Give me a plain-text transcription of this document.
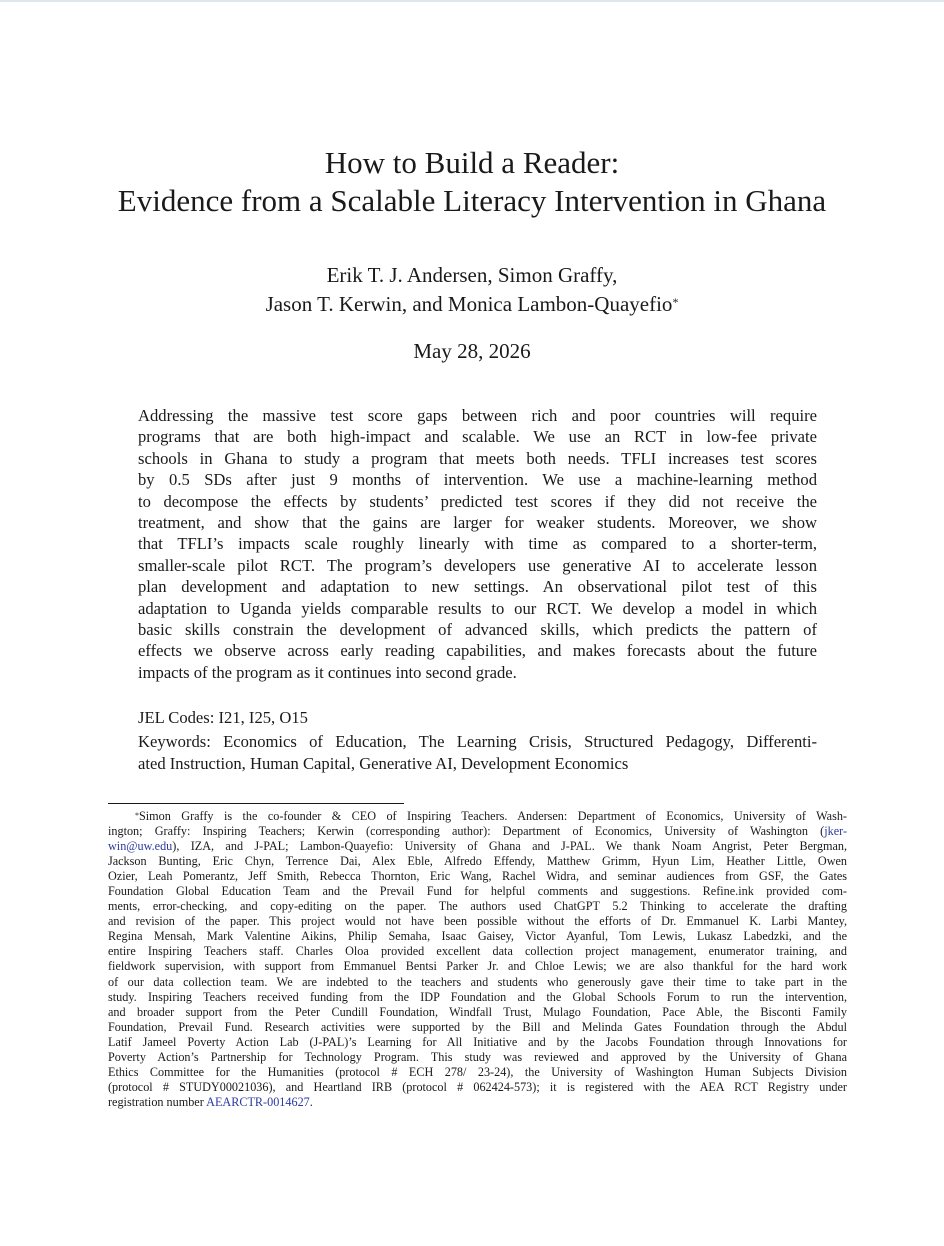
How to Build a Reader:
Evidence from a Scalable Literacy Intervention in Ghana
Erik T. J. Andersen, Simon Graffy,
Jason T. Kerwin, and Monica Lambon-Quayefio*
May 28, 2026
Addressing the massive test score gaps between rich and poor countries will require
programs that are both high-impact and scalable. We use an RCT in low-fee private
schools in Ghana to study a program that meets both needs. TFLI increases test scores
by 0.5 SDs after just 9 months of intervention. We use a machine-learning method
to decompose the effects by students’ predicted test scores if they did not receive the
treatment, and show that the gains are larger for weaker students. Moreover, we show
that TFLI’s impacts scale roughly linearly with time as compared to a shorter-term,
smaller-scale pilot RCT. The program’s developers use generative AI to accelerate lesson
plan development and adaptation to new settings. An observational pilot test of this
adaptation to Uganda yields comparable results to our RCT. We develop a model in which
basic skills constrain the development of advanced skills, which predicts the pattern of
effects we observe across early reading capabilities, and makes forecasts about the future
impacts of the program as it continues into second grade.
JEL Codes: I21, I25, O15
Keywords: Economics of Education, The Learning Crisis, Structured Pedagogy, Differenti-
ated Instruction, Human Capital, Generative AI, Development Economics
*Simon Graffy is the co-founder & CEO of Inspiring Teachers. Andersen: Department of Economics, University of Wash-
ington; Graffy: Inspiring Teachers; Kerwin (corresponding author): Department of Economics, University of Washington (jker-
win@uw.edu), IZA, and J-PAL; Lambon-Quayefio: University of Ghana and J-PAL. We thank Noam Angrist, Peter Bergman,
Jackson Bunting, Eric Chyn, Terrence Dai, Alex Eble, Alfredo Effendy, Matthew Grimm, Hyun Lim, Heather Little, Owen
Ozier, Leah Pomerantz, Jeff Smith, Rebecca Thornton, Eric Wang, Rachel Widra, and seminar audiences from GSF, the Gates
Foundation Global Education Team and the Prevail Fund for helpful comments and suggestions. Refine.ink provided com-
ments, error-checking, and copy-editing on the paper. The authors used ChatGPT 5.2 Thinking to accelerate the drafting
and revision of the paper. This project would not have been possible without the efforts of Dr. Emmanuel K. Larbi Mantey,
Regina Mensah, Mark Valentine Aikins, Philip Semaha, Isaac Gaisey, Victor Ayanful, Tom Lewis, Lukasz Labedzki, and the
entire Inspiring Teachers staff. Charles Oloa provided excellent data collection project management, enumerator training, and
fieldwork supervision, with support from Emmanuel Bentsi Parker Jr. and Chloe Lewis; we are also thankful for the hard work
of our data collection team. We are indebted to the teachers and students who generously gave their time to take part in the
study. Inspiring Teachers received funding from the IDP Foundation and the Global Schools Forum to run the intervention,
and broader support from the Peter Cundill Foundation, Windfall Trust, Mulago Foundation, Pace Able, the Bisconti Family
Foundation, Prevail Fund. Research activities were supported by the Bill and Melinda Gates Foundation through the Abdul
Latif Jameel Poverty Action Lab (J-PAL)’s Learning for All Initiative and by the Jacobs Foundation through Innovations for
Poverty Action’s Partnership for Technology Program. This study was reviewed and approved by the University of Ghana
Ethics Committee for the Humanities (protocol # ECH 278/ 23-24), the University of Washington Human Subjects Division
(protocol # STUDY00021036), and Heartland IRB (protocol # 062424-573); it is registered with the AEA RCT Registry under
registration number AEARCTR-0014627.
